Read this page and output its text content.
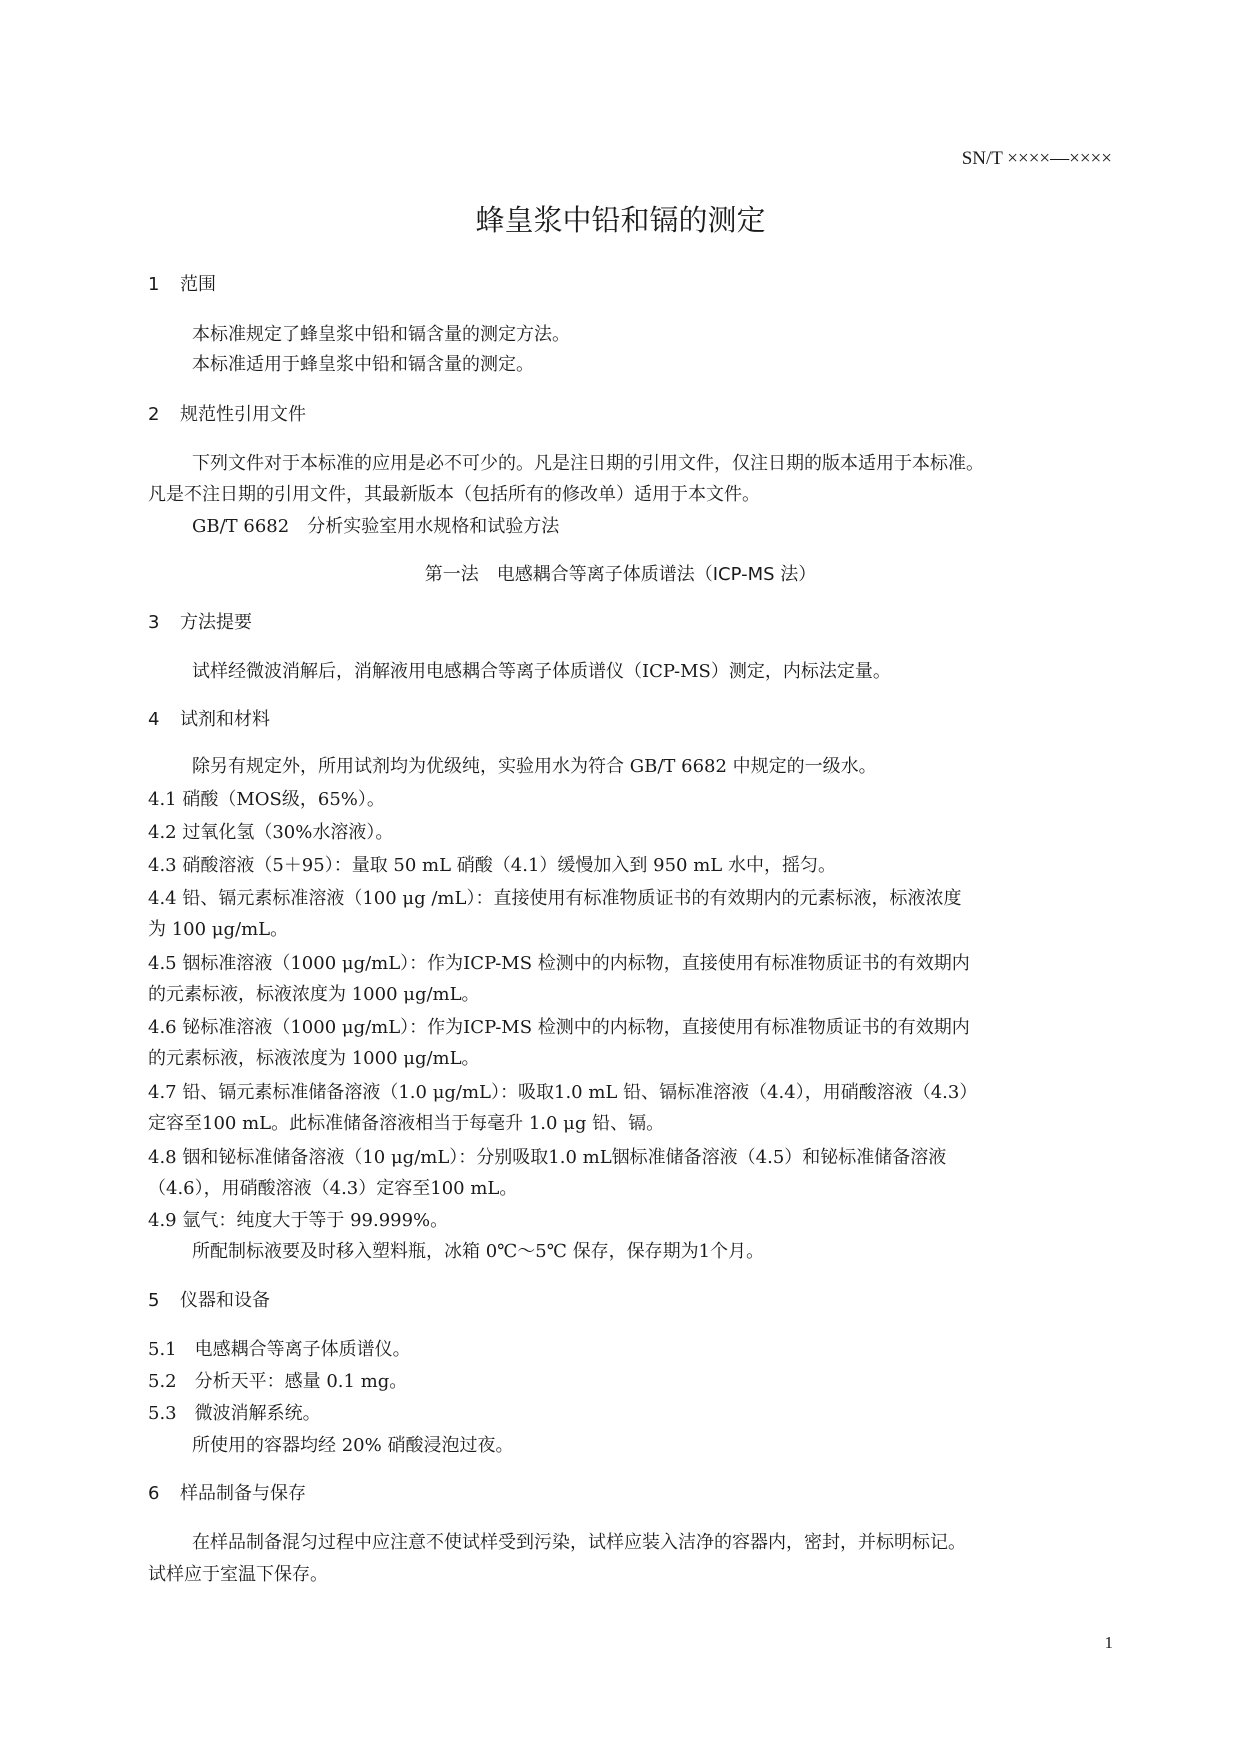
SN/T ××××—××××
蜂皇浆中铅和镉的测定
1 范围
本标准规定了蜂皇浆中铅和镉含量的测定方法。
本标准适用于蜂皇浆中铅和镉含量的测定。
2 规范性引用文件
下列文件对于本标准的应用是必不可少的。凡是注日期的引用文件，仅注日期的版本适用于本标准。
凡是不注日期的引用文件，其最新版本（包括所有的修改单）适用于本文件。
GB/T 6682　分析实验室用水规格和试验方法
第一法　电感耦合等离子体质谱法（ICP-MS 法）
3 方法提要
试样经微波消解后，消解液用电感耦合等离子体质谱仪（ICP-MS）测定，内标法定量。
4 试剂和材料
除另有规定外，所用试剂均为优级纯，实验用水为符合 GB/T 6682 中规定的一级水。
4.1 硝酸（MOS级，65%）。
4.2 过氧化氢（30%水溶液）。
4.3 硝酸溶液（5＋95）：量取 50 mL 硝酸（4.1）缓慢加入到 950 mL 水中，摇匀。
4.4 铅、镉元素标准溶液（100 μg /mL）：直接使用有标准物质证书的有效期内的元素标液，标液浓度
为 100 μg/mL。
4.5 铟标准溶液（1000 μg/mL）：作为ICP-MS 检测中的内标物，直接使用有标准物质证书的有效期内
的元素标液，标液浓度为 1000 μg/mL。
4.6 铋标准溶液（1000 μg/mL）：作为ICP-MS 检测中的内标物，直接使用有标准物质证书的有效期内
的元素标液，标液浓度为 1000 μg/mL。
4.7 铅、镉元素标准储备溶液（1.0 μg/mL）：吸取1.0 mL 铅、镉标准溶液（4.4），用硝酸溶液（4.3）
定容至100 mL。此标准储备溶液相当于每毫升 1.0 μg 铅、镉。
4.8 铟和铋标准储备溶液（10 μg/mL）：分别吸取1.0 mL铟标准储备溶液（4.5）和铋标准储备溶液
（4.6），用硝酸溶液（4.3）定容至100 mL。
4.9 氩气：纯度大于等于 99.999%。
所配制标液要及时移入塑料瓶，冰箱 0℃～5℃ 保存，保存期为1个月。
5 仪器和设备
5.1　电感耦合等离子体质谱仪。
5.2　分析天平：感量 0.1 mg。
5.3　微波消解系统。
所使用的容器均经 20% 硝酸浸泡过夜。
6 样品制备与保存
在样品制备混匀过程中应注意不使试样受到污染，试样应装入洁净的容器内，密封，并标明标记。
试样应于室温下保存。
1
